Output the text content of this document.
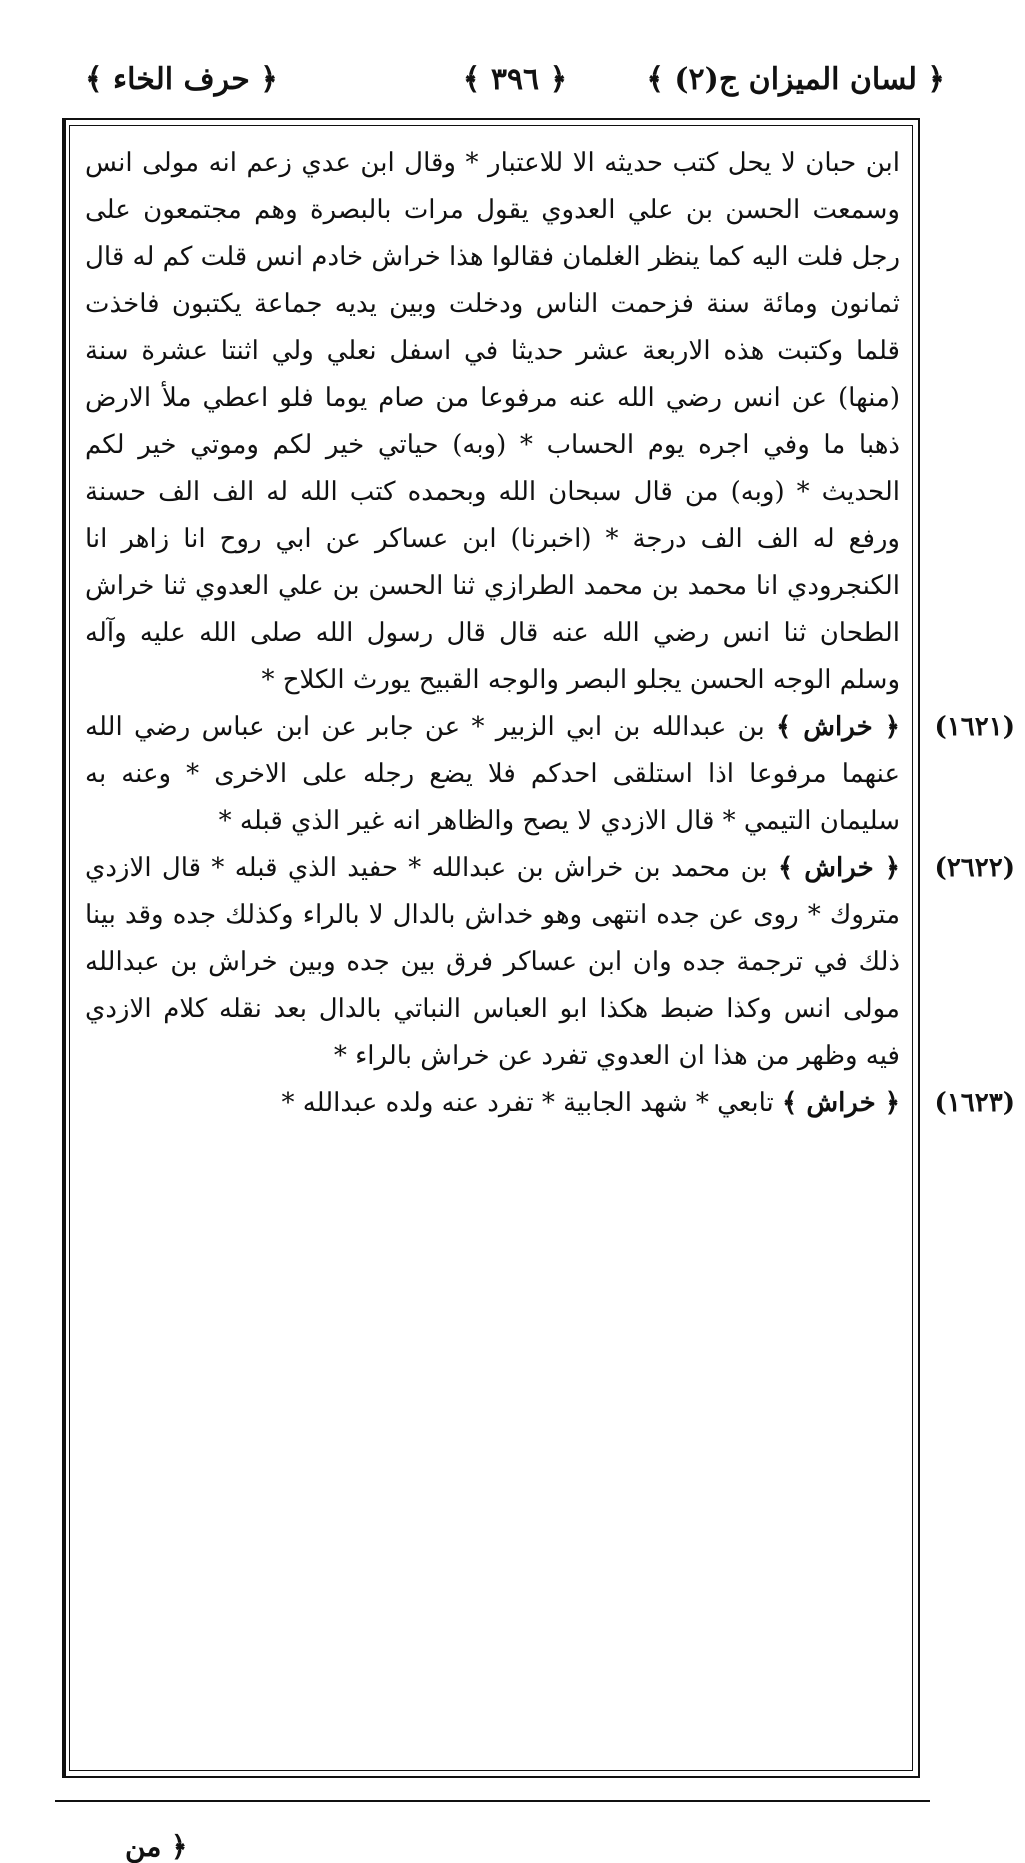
﴿ لسان الميزان ج(٢) ﴾
﴿ ٣٩٦ ﴾
﴿ حرف الخاء ﴾

ابن حبان لا يحل كتب حديثه الا للاعتبار * وقال ابن عدي زعم انه مولى انس وسمعت الحسن بن علي العدوي يقول مرات بالبصرة وهم مجتمعون على رجل فلت اليه كما ينظر الغلمان فقالوا هذا خراش خادم انس قلت كم له قال ثمانون ومائة سنة فزحمت الناس ودخلت وبين يديه جماعة يكتبون فاخذت قلما وكتبت هذه الاربعة عشر حديثا في اسفل نعلي ولي اثنتا عشرة سنة (منها) عن انس رضي الله عنه مرفوعا من صام يوما فلو اعطي ملأ الارض ذهبا ما وفي اجره يوم الحساب * (وبه) حياتي خير لكم وموتي خير لكم الحديث * (وبه) من قال سبحان الله وبحمده كتب الله له الف الف حسنة ورفع له الف الف درجة * (اخبرنا) ابن عساكر عن ابي روح انا زاهر انا الكنجرودي انا محمد بن محمد الطرازي ثنا الحسن بن علي العدوي ثنا خراش الطحان ثنا انس رضي الله عنه قال قال رسول الله صلى الله عليه وآله وسلم الوجه الحسن يجلو البصر والوجه القبيح يورث الكلاح *

(١٦٢١)
﴿ خراش ﴾ بن عبدالله بن ابي الزبير * عن جابر عن ابن عباس رضي الله عنهما مرفوعا اذا استلقى احدكم فلا يضع رجله على الاخرى * وعنه به سليمان التيمي * قال الازدي لا يصح والظاهر انه غير الذي قبله *

(٢٦٢٢)
﴿ خراش ﴾ بن محمد بن خراش بن عبدالله * حفيد الذي قبله * قال الازدي متروك * روى عن جده انتهى وهو خداش بالدال لا بالراء وكذلك جده وقد بينا ذلك في ترجمة جده وان ابن عساكر فرق بين جده وبين خراش بن عبدالله مولى انس وكذا ضبط هكذا ابو العباس النباتي بالدال بعد نقله كلام الازدي فيه وظهر من هذا ان العدوي تفرد عن خراش بالراء *

(١٦٢٣)
﴿ خراش ﴾ تابعي * شهد الجابية * تفرد عنه ولده عبدالله *

﴿ من
